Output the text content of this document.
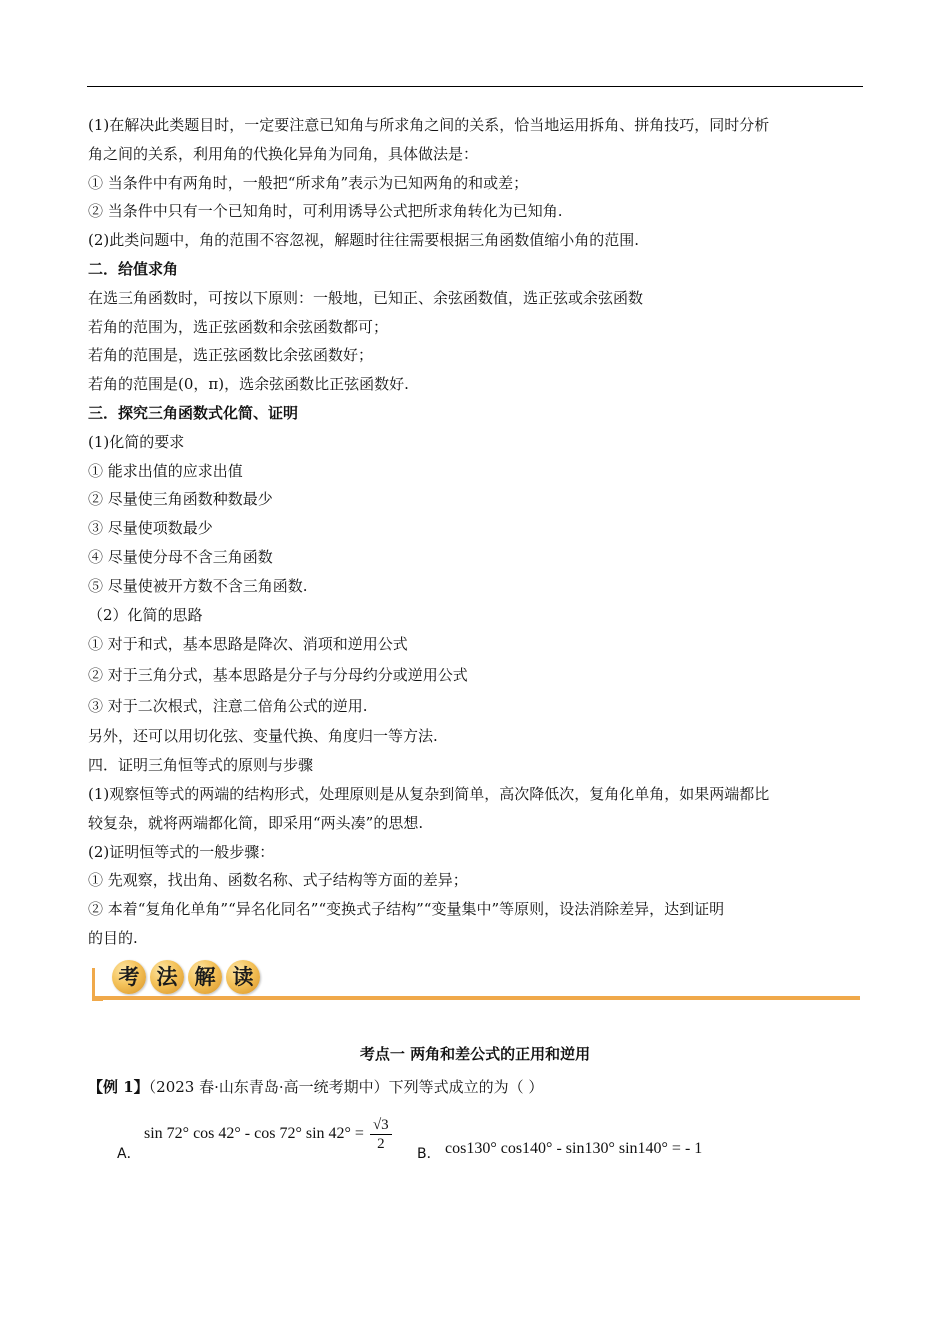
(1)在解决此类题目时，一定要注意已知角与所求角之间的关系，恰当地运用拆角、拼角技巧，同时分析
角之间的关系，利用角的代换化异角为同角，具体做法是：
① 当条件中有两角时，一般把“所求角”表示为已知两角的和或差；
② 当条件中只有一个已知角时，可利用诱导公式把所求角转化为已知角.
(2)此类问题中，角的范围不容忽视，解题时往往需要根据三角函数值缩小角的范围.
二．给值求角
在选三角函数时，可按以下原则：一般地，已知正、余弦函数值，选正弦或余弦函数
若角的范围为，选正弦函数和余弦函数都可；
若角的范围是，选正弦函数比余弦函数好；
若角的范围是(0，π)，选余弦函数比正弦函数好.
三．探究三角函数式化简、证明
(1)化简的要求
① 能求出值的应求出值
② 尽量使三角函数种数最少
③ 尽量使项数最少
④ 尽量使分母不含三角函数
⑤ 尽量使被开方数不含三角函数.
（2）化简的思路
① 对于和式，基本思路是降次、消项和逆用公式
② 对于三角分式，基本思路是分子与分母约分或逆用公式
③ 对于二次根式，注意二倍角公式的逆用.
另外，还可以用切化弦、变量代换、角度归一等方法.
四．证明三角恒等式的原则与步骤
(1)观察恒等式的两端的结构形式，处理原则是从复杂到简单，高次降低次，复角化单角，如果两端都比
较复杂，就将两端都化简，即采用“两头凑”的思想.
(2)证明恒等式的一般步骤：
① 先观察，找出角、函数名称、式子结构等方面的差异；
② 本着“复角化单角”“异名化同名”“变换式子结构”“变量集中”等原则，设法消除差异，达到证明
的目的.
考 法 解 读
考点一 两角和差公式的正用和逆用
【例 1】（2023 春·山东青岛·高一统考期中）下列等式成立的为（ ）
A．
sin 72° cos 42° - cos 72° $\sin 42^\circ = \frac{√3}{2}$
B． cos130° cos140° - sin130° sin140° = - 1
